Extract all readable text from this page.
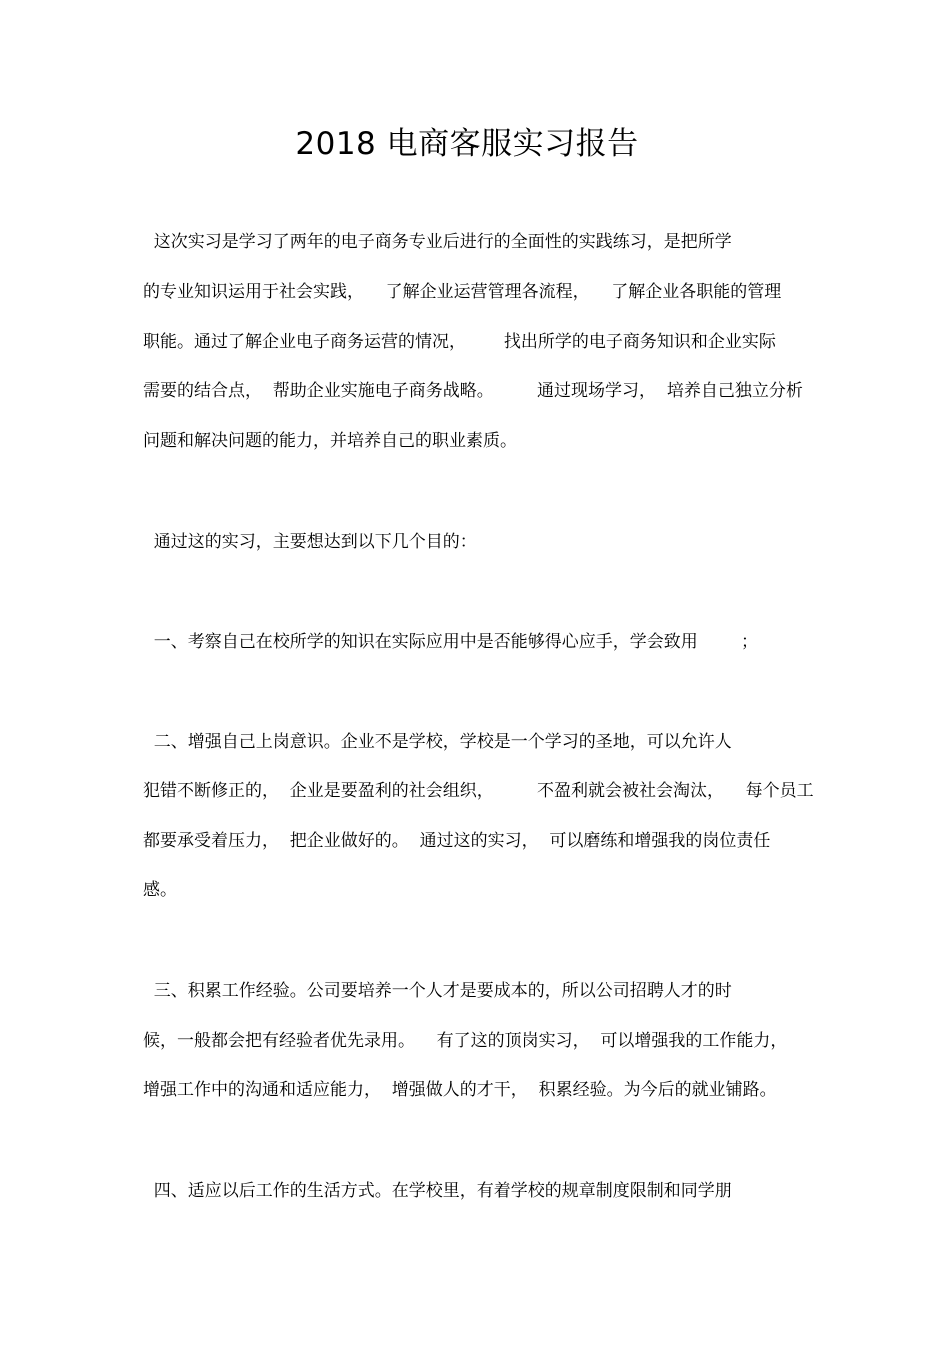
2018 电商客服实习报告
这次实习是学习了两年的电子商务专业后进行的全面性的实践练习，是把所学
的专业知识运用于社会实践，    了解企业运营管理各流程，    了解企业各职能的管理
职能。通过了解企业电子商务运营的情况，       找出所学的电子商务知识和企业实际
需要的结合点，  帮助企业实施电子商务战略。        通过现场学习，  培养自己独立分析
问题和解决问题的能力，并培养自己的职业素质。
通过这的实习，主要想达到以下几个目的：
一、考察自己在校所学的知识在实际应用中是否能够得心应手，学会致用        ；
二、增强自己上岗意识。企业不是学校，学校是一个学习的圣地，可以允许人
犯错不断修正的，  企业是要盈利的社会组织，        不盈利就会被社会淘汰，    每个员工
都要承受着压力，  把企业做好的。  通过这的实习，  可以磨练和增强我的岗位责任
感。
三、积累工作经验。公司要培养一个人才是要成本的，所以公司招聘人才的时
候，一般都会把有经验者优先录用。    有了这的顶岗实习，  可以增强我的工作能力，
增强工作中的沟通和适应能力，  增强做人的才干，  积累经验。为今后的就业铺路。
四、适应以后工作的生活方式。在学校里，有着学校的规章制度限制和同学朋
